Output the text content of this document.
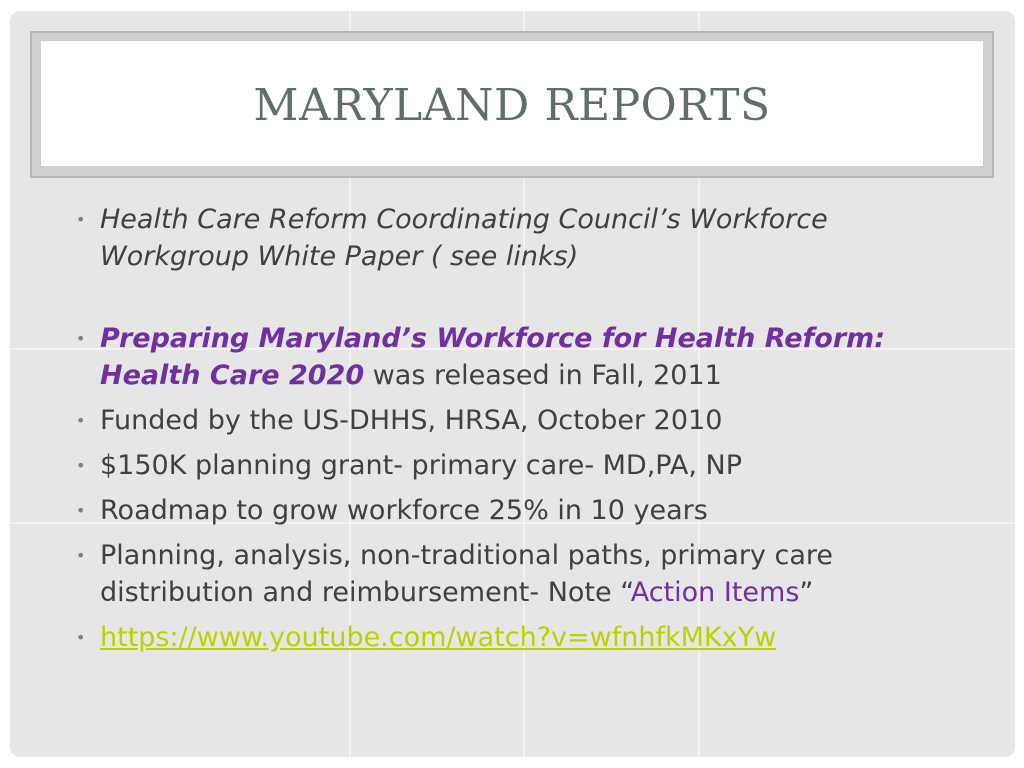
MARYLAND REPORTS
• Health Care Reform Coordinating Council’s Workforce Workgroup White Paper ( see links)
• Preparing Maryland’s Workforce for Health Reform: Health Care 2020 was released in Fall, 2011
• Funded by the US-DHHS, HRSA, October 2010
• $150K planning grant- primary care- MD,PA, NP
• Roadmap to grow workforce 25% in 10 years
• Planning, analysis, non-traditional paths, primary care distribution and reimbursement- Note “Action Items”
• https://www.youtube.com/watch?v=wfnhfkMKxYw
